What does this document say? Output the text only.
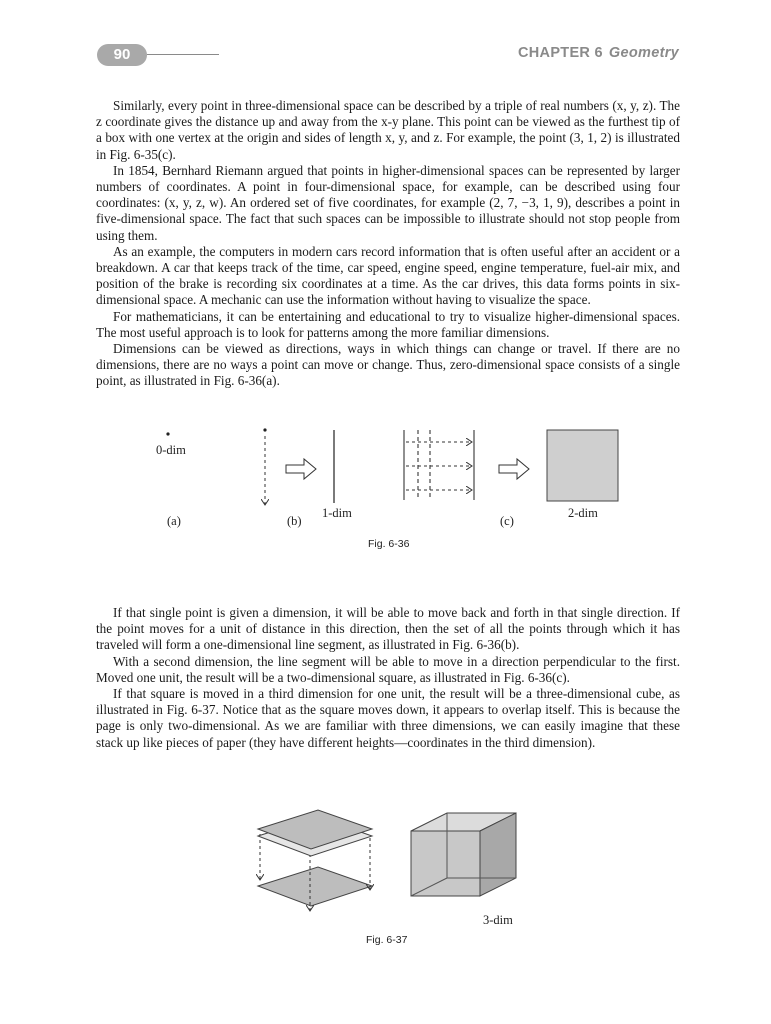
90	CHAPTER 6 Geometry

Similarly, every point in three-dimensional space can be described by a triple of real numbers (x, y, z). The z coordinate gives the distance up and away from the x-y plane. This point can be viewed as the furthest tip of a box with one vertex at the origin and sides of length x, y, and z. For example, the point (3, 1, 2) is illustrated in Fig. 6-35(c).

In 1854, Bernhard Riemann argued that points in higher-dimensional spaces can be represented by larger numbers of coordinates. A point in four-dimensional space, for example, can be described using four coordinates: (x, y, z, w). An ordered set of five coordinates, for example (2, 7, −3, 1, 9), describes a point in five-dimensional space. The fact that such spaces can be impossible to illustrate should not stop people from using them.

As an example, the computers in modern cars record information that is often useful after an accident or a breakdown. A car that keeps track of the time, car speed, engine speed, engine temperature, fuel-air mix, and position of the brake is recording six coordinates at a time. As the car drives, this data forms points in six-dimensional space. A mechanic can use the information without having to visualize the space.

For mathematicians, it can be entertaining and educational to try to visualize higher-dimensional spaces. The most useful approach is to look for patterns among the more familiar dimensions.

Dimensions can be viewed as directions, ways in which things can change or travel. If there are no dimensions, there are no ways a point can move or change. Thus, zero-dimensional space consists of a single point, as illustrated in Fig. 6-36(a).

0-dim
1-dim	2-dim
(a)	(b)	(c)
Fig. 6-36

If that single point is given a dimension, it will be able to move back and forth in that single direction. If the point moves for a unit of distance in this direction, then the set of all the points through which it has traveled will form a one-dimensional line segment, as illustrated in Fig. 6-36(b).

With a second dimension, the line segment will be able to move in a direction perpendicular to the first. Moved one unit, the result will be a two-dimensional square, as illustrated in Fig. 6-36(c).

If that square is moved in a third dimension for one unit, the result will be a three-dimensional cube, as illustrated in Fig. 6-37. Notice that as the square moves down, it appears to overlap itself. This is because the page is only two-dimensional. As we are familiar with three dimensions, we can easily imagine that these stack up like pieces of paper (they have different heights—coordinates in the third dimension).

3-dim
Fig. 6-37
